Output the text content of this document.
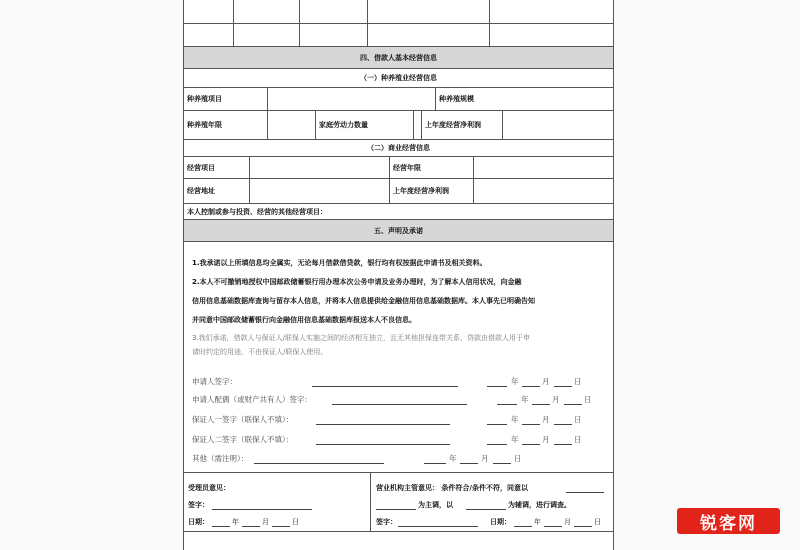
四、借款人基本经营信息
（一）种养殖业经营信息
种养殖项目	种养殖规模
种养殖年限	家庭劳动力数量	上年度经营净利润
（二）商业经营信息
经营项目	经营年限
经营地址	上年度经营净利润
本人控制或参与投资、经营的其他经营项目：
五、声明及承诺
1.我承诺以上所填信息均全属实，无论每月借款借贷款，银行均有权按据此申请书及相关资料。
2.本人不可撤销地授权中国邮政储蓄银行用办理本次公务申请及业务办理时，为了解本人信用状况，向金融
信用信息基础数据库查询与留存本人信息，并将本人信息提供给金融信用信息基础数据库。本人事先已明确告知
并同意中国邮政储蓄银行向金融信用信息基础数据库报送本人不良信息。
3.我们承诺，借款人与保证人/联保人实施之间的经济相互独立，且无其他担保连带关系，贷款由借款人用于申
请时约定的用途，不由保证人/联保人使用。
申请人签字：	年	月	日
申请人配偶（或财产共有人）签字：	年	月	日
保证人一签字（联保人不填）：	年	月	日
保证人二签字（联保人不填）：	年	月	日
其他（需注明）：	年	月	日
受理员意见：
签字：
日期：	年	月	日
营业机构主管意见： 条件符合/条件不符，同意以
为主调，以	为辅调，进行调查。
签字：	日期：	年	月	日	锐客网
